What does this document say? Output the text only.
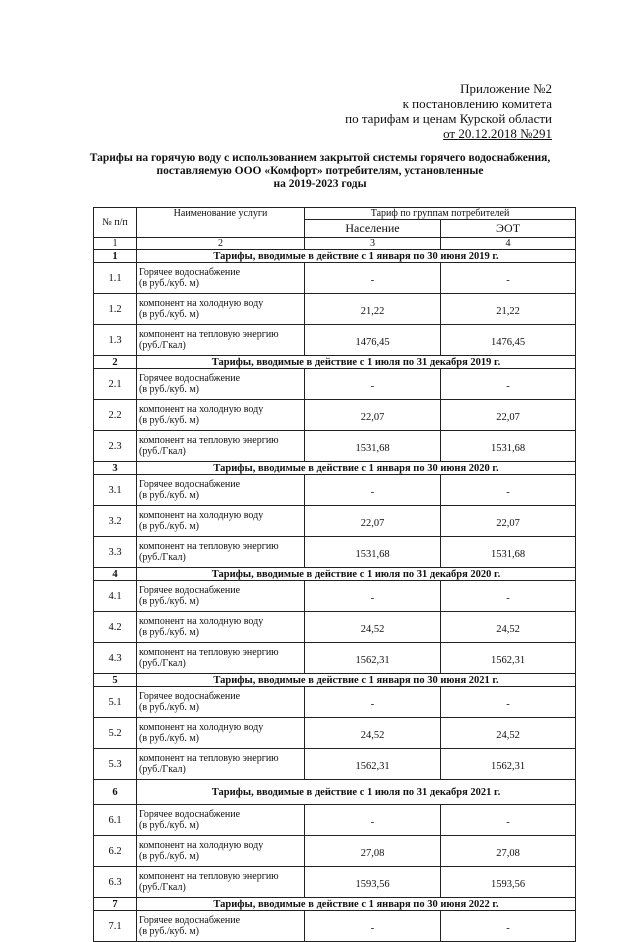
Приложение №2
к постановлению комитета
по тарифам и ценам Курской области
от 20.12.2018 №291
Тарифы на горячую воду с использованием закрытой системы горячего водоснабжения,
поставляемую ООО «Комфорт» потребителям, установленные
на 2019-2023 годы
№ п/п	Наименование услуги	Тариф по группам потребителей	
		Население	ЭОТ
1	2	3	4
1	Тарифы, вводимые в действие с 1 января по 30 июня 2019 г.		
1.1	Горячее водоснабжение
(в руб./куб. м)	-	-
1.2	компонент на холодную воду
(в руб./куб. м)	21,22	21,22
1.3	компонент на тепловую энергию
(руб./Гкал)	1476,45	1476,45
2	Тарифы, вводимые в действие с 1 июля по 31 декабря 2019 г.		
2.1	Горячее водоснабжение
(в руб./куб. м)	-	-
2.2	компонент на холодную воду
(в руб./куб. м)	22,07	22,07
2.3	компонент на тепловую энергию
(руб./Гкал)	1531,68	1531,68
3	Тарифы, вводимые в действие с 1 января по 30 июня 2020 г.		
3.1	Горячее водоснабжение
(в руб./куб. м)	-	-
3.2	компонент на холодную воду
(в руб./куб. м)	22,07	22,07
3.3	компонент на тепловую энергию
(руб./Гкал)	1531,68	1531,68
4	Тарифы, вводимые в действие с 1 июля по 31 декабря 2020 г.		
4.1	Горячее водоснабжение
(в руб./куб. м)	-	-
4.2	компонент на холодную воду
(в руб./куб. м)	24,52	24,52
4.3	компонент на тепловую энергию
(руб./Гкал)	1562,31	1562,31
5	Тарифы, вводимые в действие с 1 января по 30 июня 2021 г.		
5.1	Горячее водоснабжение
(в руб./куб. м)	-	-
5.2	компонент на холодную воду
(в руб./куб. м)	24,52	24,52
5.3	компонент на тепловую энергию
(руб./Гкал)	1562,31	1562,31
6	Тарифы, вводимые в действие с 1 июля по 31 декабря 2021 г.		
6.1	Горячее водоснабжение
(в руб./куб. м)	-	-
6.2	компонент на холодную воду
(в руб./куб. м)	27,08	27,08
6.3	компонент на тепловую энергию
(руб./Гкал)	1593,56	1593,56
7	Тарифы, вводимые в действие с 1 января по 30 июня 2022 г.		
7.1	Горячее водоснабжение
(в руб./куб. м)	-	-
